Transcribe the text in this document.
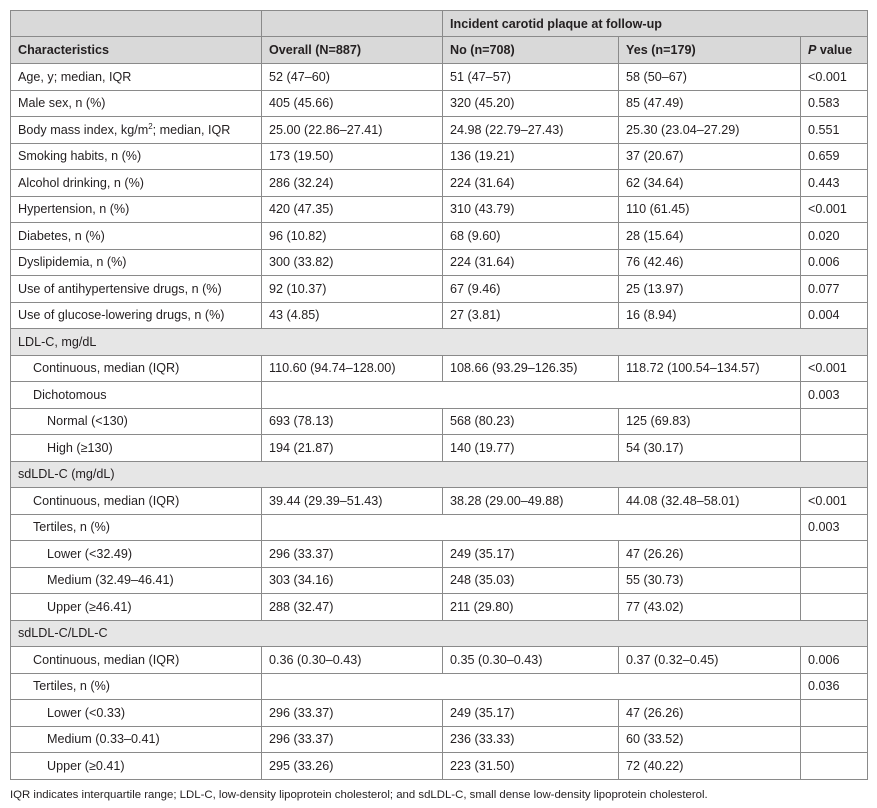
		Incident carotid plaque at follow-up		
Characteristics	Overall (N=887)	No (n=708)	Yes (n=179)	P value
Age, y; median, IQR	52 (47–60)	51 (47–57)	58 (50–67)	<0.001
Male sex, n (%)	405 (45.66)	320 (45.20)	85 (47.49)	0.583
Body mass index, $kg/m^2$; median, IQR	25.00 (22.86–27.41)	24.98 (22.79–27.43)	25.30 (23.04–27.29)	0.551
Smoking habits, n (%)	173 (19.50)	136 (19.21)	37 (20.67)	0.659
Alcohol drinking, n (%)	286 (32.24)	224 (31.64)	62 (34.64)	0.443
Hypertension, n (%)	420 (47.35)	310 (43.79)	110 (61.45)	<0.001
Diabetes, n (%)	96 (10.82)	68 (9.60)	28 (15.64)	0.020
Dyslipidemia, n (%)	300 (33.82)	224 (31.64)	76 (42.46)	0.006
Use of antihypertensive drugs, n (%)	92 (10.37)	67 (9.46)	25 (13.97)	0.077
Use of glucose-lowering drugs, n (%)	43 (4.85)	27 (3.81)	16 (8.94)	0.004
LDL-C, mg/dL				
Continuous, median (IQR)	110.60 (94.74–128.00)	108.66 (93.29–126.35)	118.72 (100.54–134.57)	<0.001
Dichotomous				0.003
Normal (<130)	693 (78.13)	568 (80.23)	125 (69.83)	
High (≥130)	194 (21.87)	140 (19.77)	54 (30.17)	
sdLDL-C (mg/dL)				
Continuous, median (IQR)	39.44 (29.39–51.43)	38.28 (29.00–49.88)	44.08 (32.48–58.01)	<0.001
Tertiles, n (%)				0.003
Lower (<32.49)	296 (33.37)	249 (35.17)	47 (26.26)	
Medium (32.49–46.41)	303 (34.16)	248 (35.03)	55 (30.73)	
Upper (≥46.41)	288 (32.47)	211 (29.80)	77 (43.02)	
sdLDL-C/LDL-C				
Continuous, median (IQR)	0.36 (0.30–0.43)	0.35 (0.30–0.43)	0.37 (0.32–0.45)	0.006
Tertiles, n (%)				0.036
Lower (<0.33)	296 (33.37)	249 (35.17)	47 (26.26)	
Medium (0.33–0.41)	296 (33.37)	236 (33.33)	60 (33.52)	
Upper (≥0.41)	295 (33.26)	223 (31.50)	72 (40.22)	
IQR indicates interquartile range; LDL-C, low-density lipoprotein cholesterol; and sdLDL-C, small dense low-density lipoprotein cholesterol.
